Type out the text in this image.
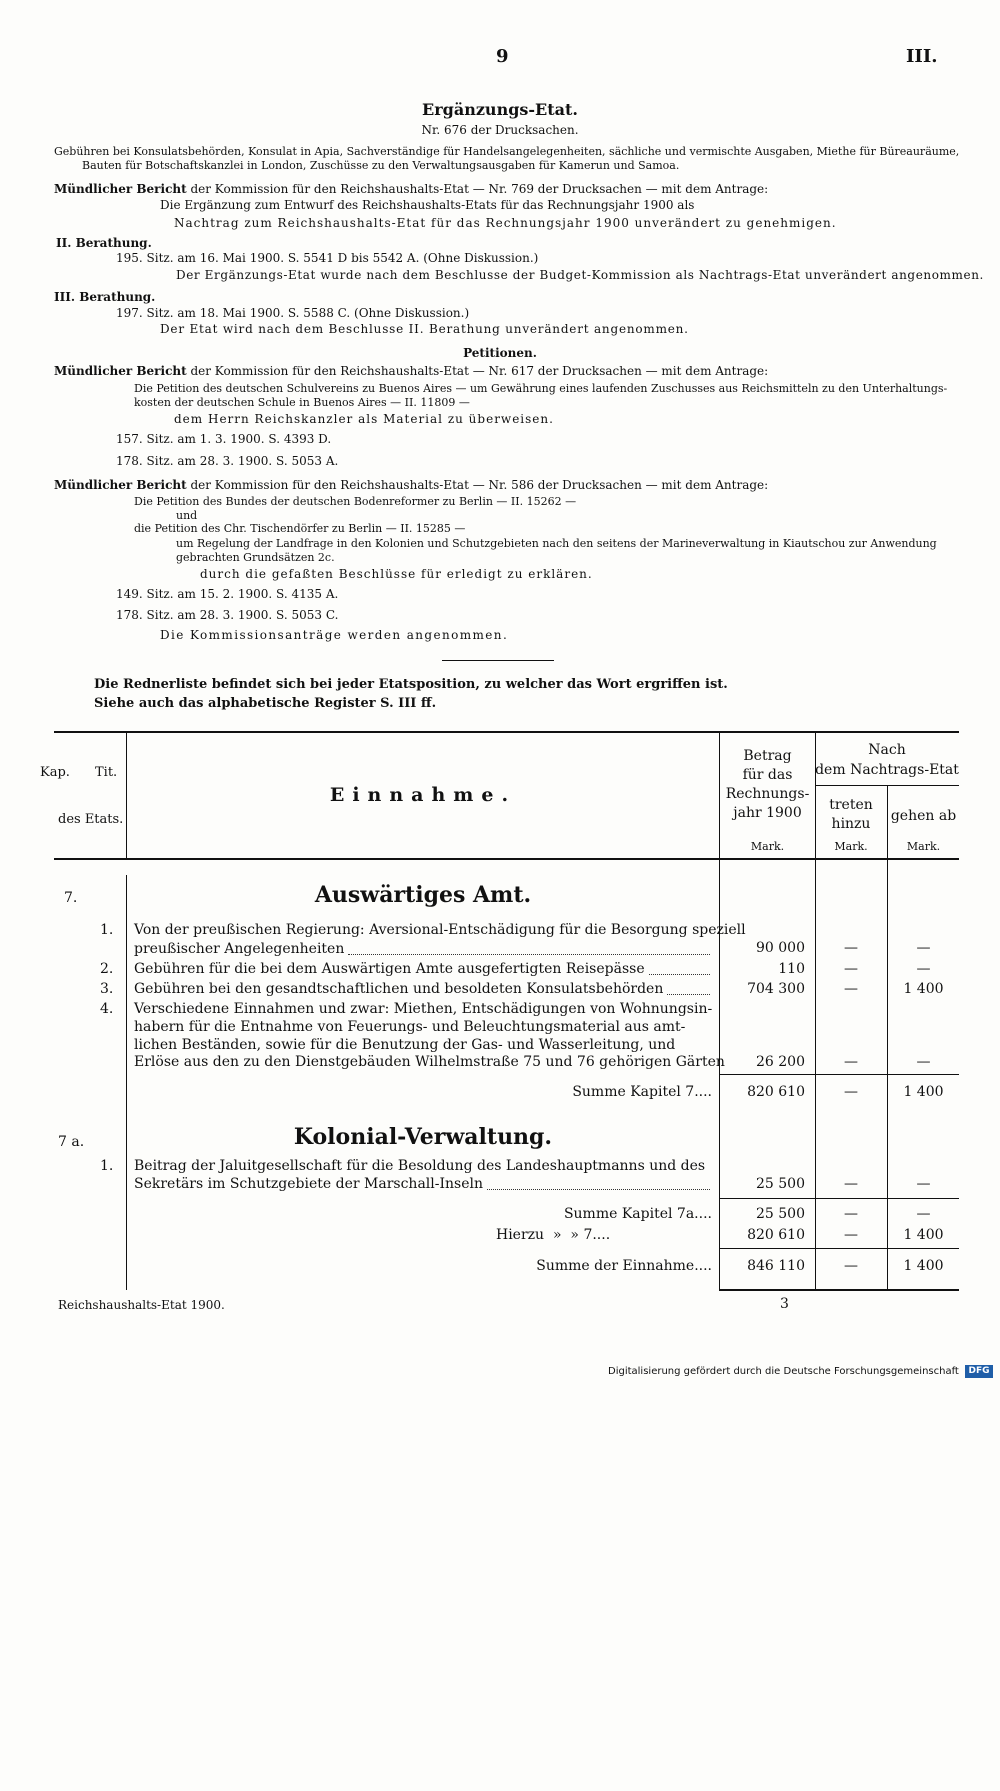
9	III.
Ergänzungs-Etat.
Nr. 676 der Drucksachen.
Gebühren bei Konsulatsbehörden, Konsulat in Apia, Sachverständige für Handelsangelegenheiten, sächliche und vermischte Ausgaben, Miethe für Büreauräume,
Bauten für Botschaftskanzlei in London, Zuschüsse zu den Verwaltungsausgaben für Kamerun und Samoa.
Mündlicher Bericht der Kommission für den Reichshaushalts-Etat — Nr. 769 der Drucksachen — mit dem Antrage:
Die Ergänzung zum Entwurf des Reichshaushalts-Etats für das Rechnungsjahr 1900 als
Nachtrag zum Reichshaushalts-Etat für das Rechnungsjahr 1900 unverändert zu genehmigen.
II. Berathung.
195. Sitz. am 16. Mai 1900. S. 5541 D bis 5542 A. (Ohne Diskussion.)
Der Ergänzungs-Etat wurde nach dem Beschlusse der Budget-Kommission als Nachtrags-Etat unverändert angenommen.
III. Berathung.
197. Sitz. am 18. Mai 1900. S. 5588 C. (Ohne Diskussion.)
Der Etat wird nach dem Beschlusse II. Berathung unverändert angenommen.
Petitionen.
Mündlicher Bericht der Kommission für den Reichshaushalts-Etat — Nr. 617 der Drucksachen — mit dem Antrage:
Die Petition des deutschen Schulvereins zu Buenos Aires — um Gewährung eines laufenden Zuschusses aus Reichsmitteln zu den Unterhaltungs-
kosten der deutschen Schule in Buenos Aires — II. 11809 —
dem Herrn Reichskanzler als Material zu überweisen.
157. Sitz. am 1. 3. 1900. S. 4393 D.
178. Sitz. am 28. 3. 1900. S. 5053 A.
Mündlicher Bericht der Kommission für den Reichshaushalts-Etat — Nr. 586 der Drucksachen — mit dem Antrage:
Die Petition des Bundes der deutschen Bodenreformer zu Berlin — II. 15262 —
und
die Petition des Chr. Tischendörfer zu Berlin — II. 15285 —
um Regelung der Landfrage in den Kolonien und Schutzgebieten nach den seitens der Marineverwaltung in Kiautschou zur Anwendung
gebrachten Grundsätzen 2c.
durch die gefaßten Beschlüsse für erledigt zu erklären.
149. Sitz. am 15. 2. 1900. S. 4135 A.
178. Sitz. am 28. 3. 1900. S. 5053 C.
Die Kommissionsanträge werden angenommen.
Die Rednerliste befindet sich bei jeder Etatsposition, zu welcher das Wort ergriffen ist.
Siehe auch das alphabetische Register S. III ff.
Kap. Tit.
des Etats.
Einnahme.
Betrag
für das
Rechnungs-
jahr 1900
Nach
dem Nachtrags-Etat
treten
hinzu	gehen ab
Mark.	Mark.	Mark.
7.	Auswärtiges Amt.
1. Von der preußischen Regierung: Aversional-Entschädigung für die Besorgung speziell
preußischer Angelegenheiten	90 000	—	—
2. Gebühren für die bei dem Auswärtigen Amte ausgefertigten Reisepässe	110	—	—
3. Gebühren bei den gesandtschaftlichen und besoldeten Konsulatsbehörden	704 300	—	1 400
4. Verschiedene Einnahmen und zwar: Miethen, Entschädigungen von Wohnungsin-
habern für die Entnahme von Feuerungs- und Beleuchtungsmaterial aus amt-
lichen Beständen, sowie für die Benutzung der Gas- und Wasserleitung, und
Erlöse aus den zu den Dienstgebäuden Wilhelmstraße 75 und 76 gehörigen Gärten	26 200	—	—
Summe Kapitel 7....	820 610	—	1 400
7 a.	Kolonial-Verwaltung.
1. Beitrag der Jaluitgesellschaft für die Besoldung des Landeshauptmanns und des
Sekretärs im Schutzgebiete der Marschall-Inseln	25 500	—	—
Summe Kapitel 7a....	25 500	—	—
Hierzu  »  » 7....	820 610	—	1 400
Summe der Einnahme....	846 110	—	1 400
Reichshaushalts-Etat 1900.	3
Digitalisierung gefördert durch die Deutsche Forschungsgemeinschaft	DFG
